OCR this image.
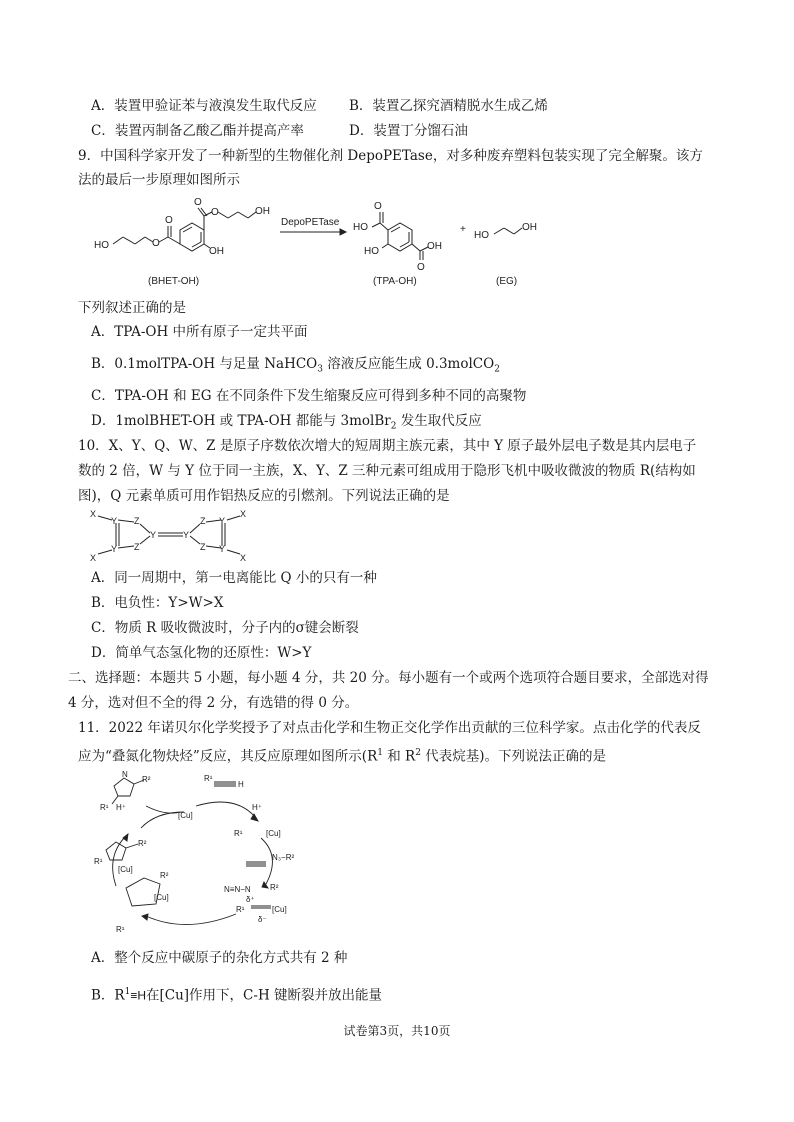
A．装置甲验证苯与液溴发生取代反应 B．装置乙探究酒精脱水生成乙烯
C．装置丙制备乙酸乙酯并提高产率	D．装置丁分馏石油
9．中国科学家开发了一种新型的生物催化剂 DepoPETase，对多种废弃塑料包装实现了完全解聚。该方
法的最后一步原理如图所示
HO	O
O
O
O	OH
OH
(BHET-OH)
DepoPETase
O
HO
HO	OH
O
(TPA-OH)
+
HO
OH
(EG)
下列叙述正确的是
A．TPA-OH 中所有原子一定共平面
B．0.1molTPA-OH 与足量 NaHCO$_3$ 溶液反应能生成 0.3molCO$_2$
C．TPA-OH 和 EG 在不同条件下发生缩聚反应可得到多种不同的高聚物
D．1molBHET-OH 或 TPA-OH 都能与 3molBr$_2$ 发生取代反应
10．X、Y、Q、W、Z 是原子序数依次增大的短周期主族元素，其中 Y 原子最外层电子数是其内层电子
数的 2 倍，W 与 Y 位于同一主族，X、Y、Z 三种元素可组成用于隐形飞机中吸收微波的物质 R(结构如
图)，Q 元素单质可用作铝热反应的引燃剂。下列说法正确的是
X
X
Y
Y
Z
Z
Y	Y
Z
Z
Y
Y
X
X
A．同一周期中，第一电离能比 Q 小的只有一种
B．电负性：Y>W>X
C．物质 R 吸收微波时，分子内的σ键会断裂
D．简单气态氢化物的还原性：W>Y
二、选择题：本题共 5 小题，每小题 4 分，共 20 分。每小题有一个或两个选项符合题目要求，全部选对得
4 分，选对但不全的得 2 分，有选错的得 0 分。
11．2022 年诺贝尔化学奖授予了对点击化学和生物正交化学作出贡献的三位科学家。点击化学的代表反
应为“叠氮化物炔烃”反应，其反应原理如图所示($R^1$ 和 $R^2$ 代表烷基)。下列说法正确的是
N
R²
R¹ H⁺
[Cu]
R¹
H
H⁺
R¹	[Cu]
N₃−R²
R²
R¹
[Cu]
R²
[Cu]
R¹
N≡N−N R²
R¹	[Cu]
δ⁺
δ⁻
A．整个反应中碳原子的杂化方式共有 2 种
B．$R^1\equiv H$在[Cu]作用下，C-H 键断裂并放出能量
试卷第3页，共10页
